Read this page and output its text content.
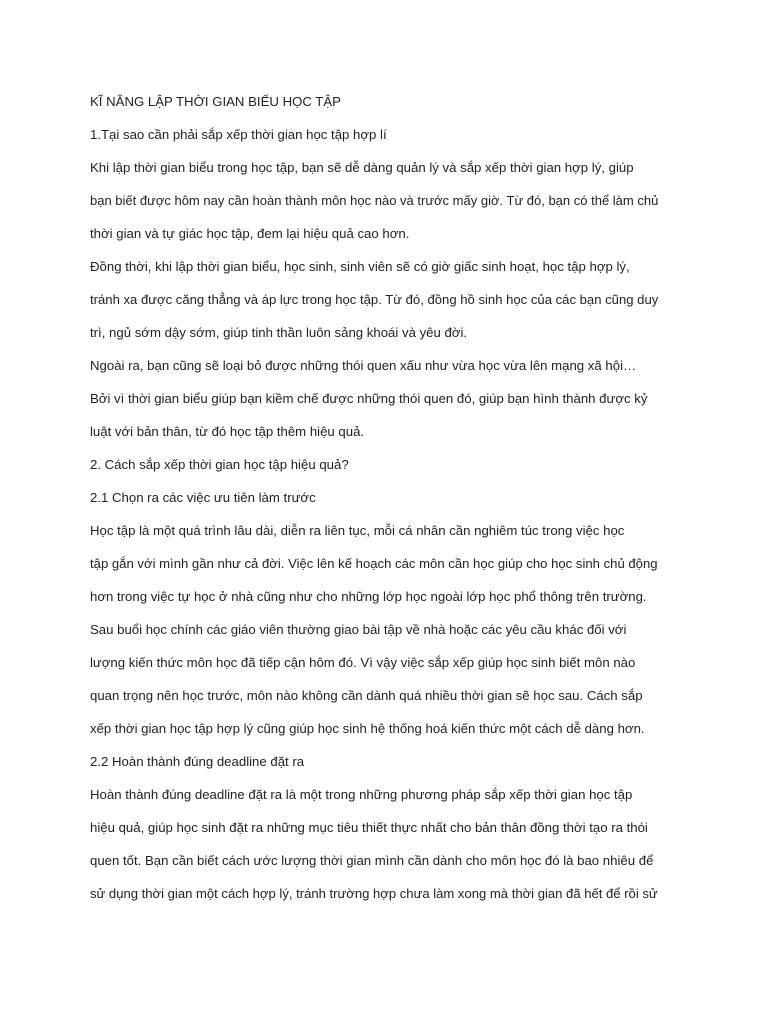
KĨ NĂNG LẬP THỜI GIAN BIỂU HỌC TẬP

1.Tại sao cần phải sắp xếp thời gian học tập hợp lí

Khi lập thời gian biểu trong học tập, bạn sẽ dễ dàng quản lý và sắp xếp thời gian hợp lý, giúp

bạn biết được hôm nay cần hoàn thành môn học nào và trước mấy giờ. Từ đó, bạn có thể làm chủ

thời gian và tự giác học tập, đem lại hiệu quả cao hơn.

Đồng thời, khi lập thời gian biểu, học sinh, sinh viên sẽ có giờ giấc sinh hoạt, học tập hợp lý,

tránh xa được căng thẳng và áp lực trong học tập. Từ đó, đồng hồ sinh học của các bạn cũng duy

trì, ngủ sớm dậy sớm, giúp tinh thần luôn sảng khoái và yêu đời.

Ngoài ra, bạn cũng sẽ loại bỏ được những thói quen xấu như vừa học vừa lên mạng xã hội…

Bởi vì thời gian biểu giúp bạn kiềm chế được những thói quen đó, giúp bạn hình thành được kỷ

luật với bản thân, từ đó học tập thêm hiệu quả.

2. Cách sắp xếp thời gian học tập hiệu quả?

2.1 Chọn ra các việc ưu tiên làm trước

Học tập là một quá trình lâu dài, diễn ra liên tục, mỗi cá nhân cần nghiêm túc trong việc học

tập gắn với mình gần như cả đời. Việc lên kế hoạch các môn cần học giúp cho học sinh chủ động

hơn trong việc tự học ở nhà cũng như cho những lớp học ngoài lớp học phổ thông trên trường.

Sau buổi học chính các giáo viên thường giao bài tập về nhà hoặc các yêu cầu khác đối với

lượng kiến thức môn học đã tiếp cận hôm đó. Vì vậy việc sắp xếp giúp học sinh biết môn nào

quan trọng nên học trước, môn nào không cần dành quá nhiều thời gian sẽ học sau. Cách sắp

xếp thời gian học tập hợp lý cũng giúp học sinh hệ thống hoá kiến thức một cách dễ dàng hơn.

2.2 Hoàn thành đúng deadline đặt ra

Hoàn thành đúng deadline đặt ra là một trong những phương pháp sắp xếp thời gian học tập

hiệu quả, giúp học sinh đặt ra những mục tiêu thiết thực nhất cho bản thân đồng thời tạo ra thói

quen tốt. Bạn cần biết cách ước lượng thời gian mình cần dành cho môn học đó là bao nhiêu để

sử dụng thời gian một cách hợp lý, tránh trường hợp chưa làm xong mà thời gian đã hết để rồi sử
